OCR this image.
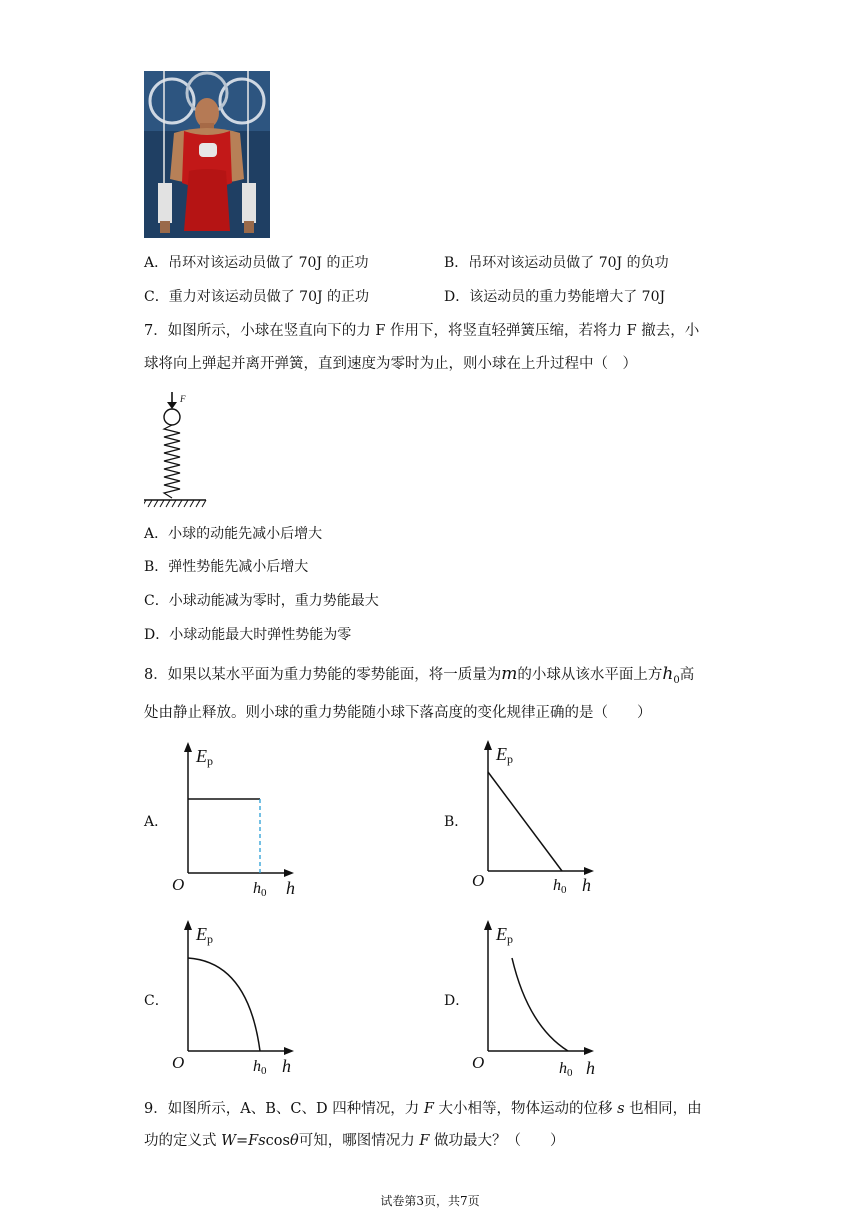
A．吊环对该运动员做了 70J 的正功	B．吊环对该运动员做了 70J 的负功
C．重力对该运动员做了 70J 的正功	D．该运动员的重力势能增大了 70J
7．如图所示，小球在竖直向下的力 F 作用下，将竖直轻弹簧压缩，若将力 F 撤去，小
球将向上弹起并离开弹簧，直到速度为零时为止，则小球在上升过程中（　）
F
A．小球的动能先减小后增大
B．弹性势能先减小后增大
C．小球动能减为零时，重力势能最大
D．小球动能最大时弹性势能为零
8．如果以某水平面为重力势能的零势能面，将一质量为m的小球从该水平面上方$h_0$高
处由静止释放。则小球的重力势能随小球下落高度的变化规律正确的是（　　）
A．
Ep
O	h0 h
B．
Ep
O	h0 h
C．
Ep
O	h0 h
D．
Ep
O	h0 h
9．如图所示，A、B、C、D 四种情况，力 F 大小相等，物体运动的位移 s 也相同，由
功的定义式 W=Fscosθ可知，哪图情况力 F 做功最大？（　　）
试卷第3页，共7页
